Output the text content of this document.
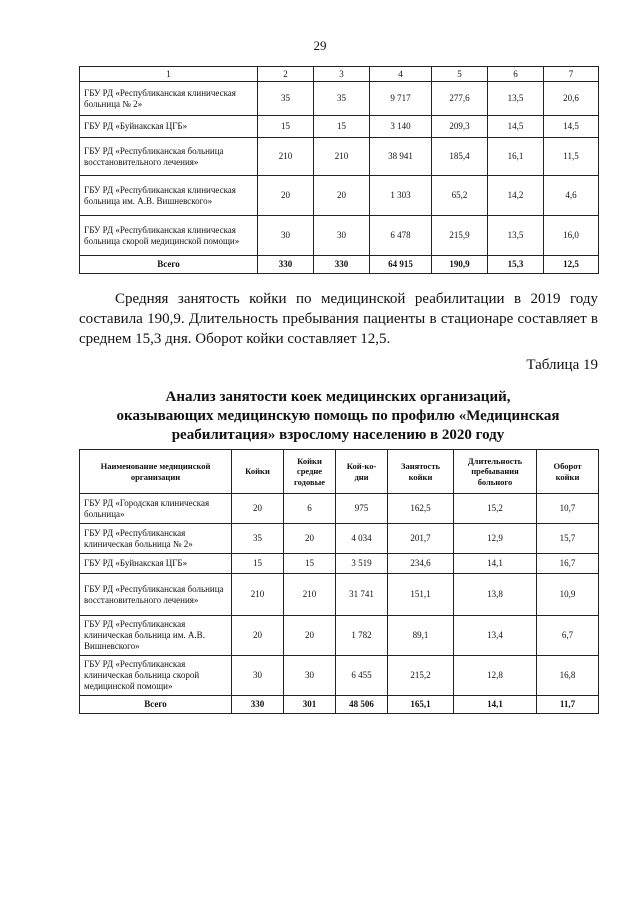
29
1	2	3	4	5	6	7
ГБУ РД «Республиканская клиническая больница № 2»	35	35	9 717	277,6	13,5	20,6
ГБУ РД «Буйнакская ЦГБ»	15	15	3 140	209,3	14,5	14,5
ГБУ РД «Республиканская больница восстановительного лечения»	210	210	38 941	185,4	16,1	11,5
ГБУ РД «Республиканская клиническая больница им. А.В. Вишневского»	20	20	1 303	65,2	14,2	4,6
ГБУ РД «Республиканская клиническая больница скорой медицинской помощи»	30	30	6 478	215,9	13,5	16,0
Всего	330	330	64 915	190,9	15,3	12,5

Средняя занятость койки по медицинской реабилитации в 2019 году составила 190,9. Длительность пребывания пациенты в стационаре составляет в среднем 15,3 дня. Оборот койки составляет 12,5.

Таблица 19
Анализ занятости коек медицинских организаций,
оказывающих медицинскую помощь по профилю «Медицинская
реабилитация» взрослому населению в 2020 году
Наименование медицинской организации	Койки	Койки средне годовые	Кой-ко-дни	Занятость койки	Длительность пребывания больного	Оборот койки
ГБУ РД «Городская клиническая больница»	20	6	975	162,5	15,2	10,7
ГБУ РД «Республиканская клиническая больница № 2»	35	20	4 034	201,7	12,9	15,7
ГБУ РД «Буйнакская ЦГБ»	15	15	3 519	234,6	14,1	16,7
ГБУ РД «Республиканская больница восстановительного лечения»	210	210	31 741	151,1	13,8	10,9
ГБУ РД «Республиканская клиническая больница им. А.В. Вишневского»	20	20	1 782	89,1	13,4	6,7
ГБУ РД «Республиканская клиническая больница скорой медицинской помощи»	30	30	6 455	215,2	12,8	16,8
Всего	330	301	48 506	165,1	14,1	11,7
